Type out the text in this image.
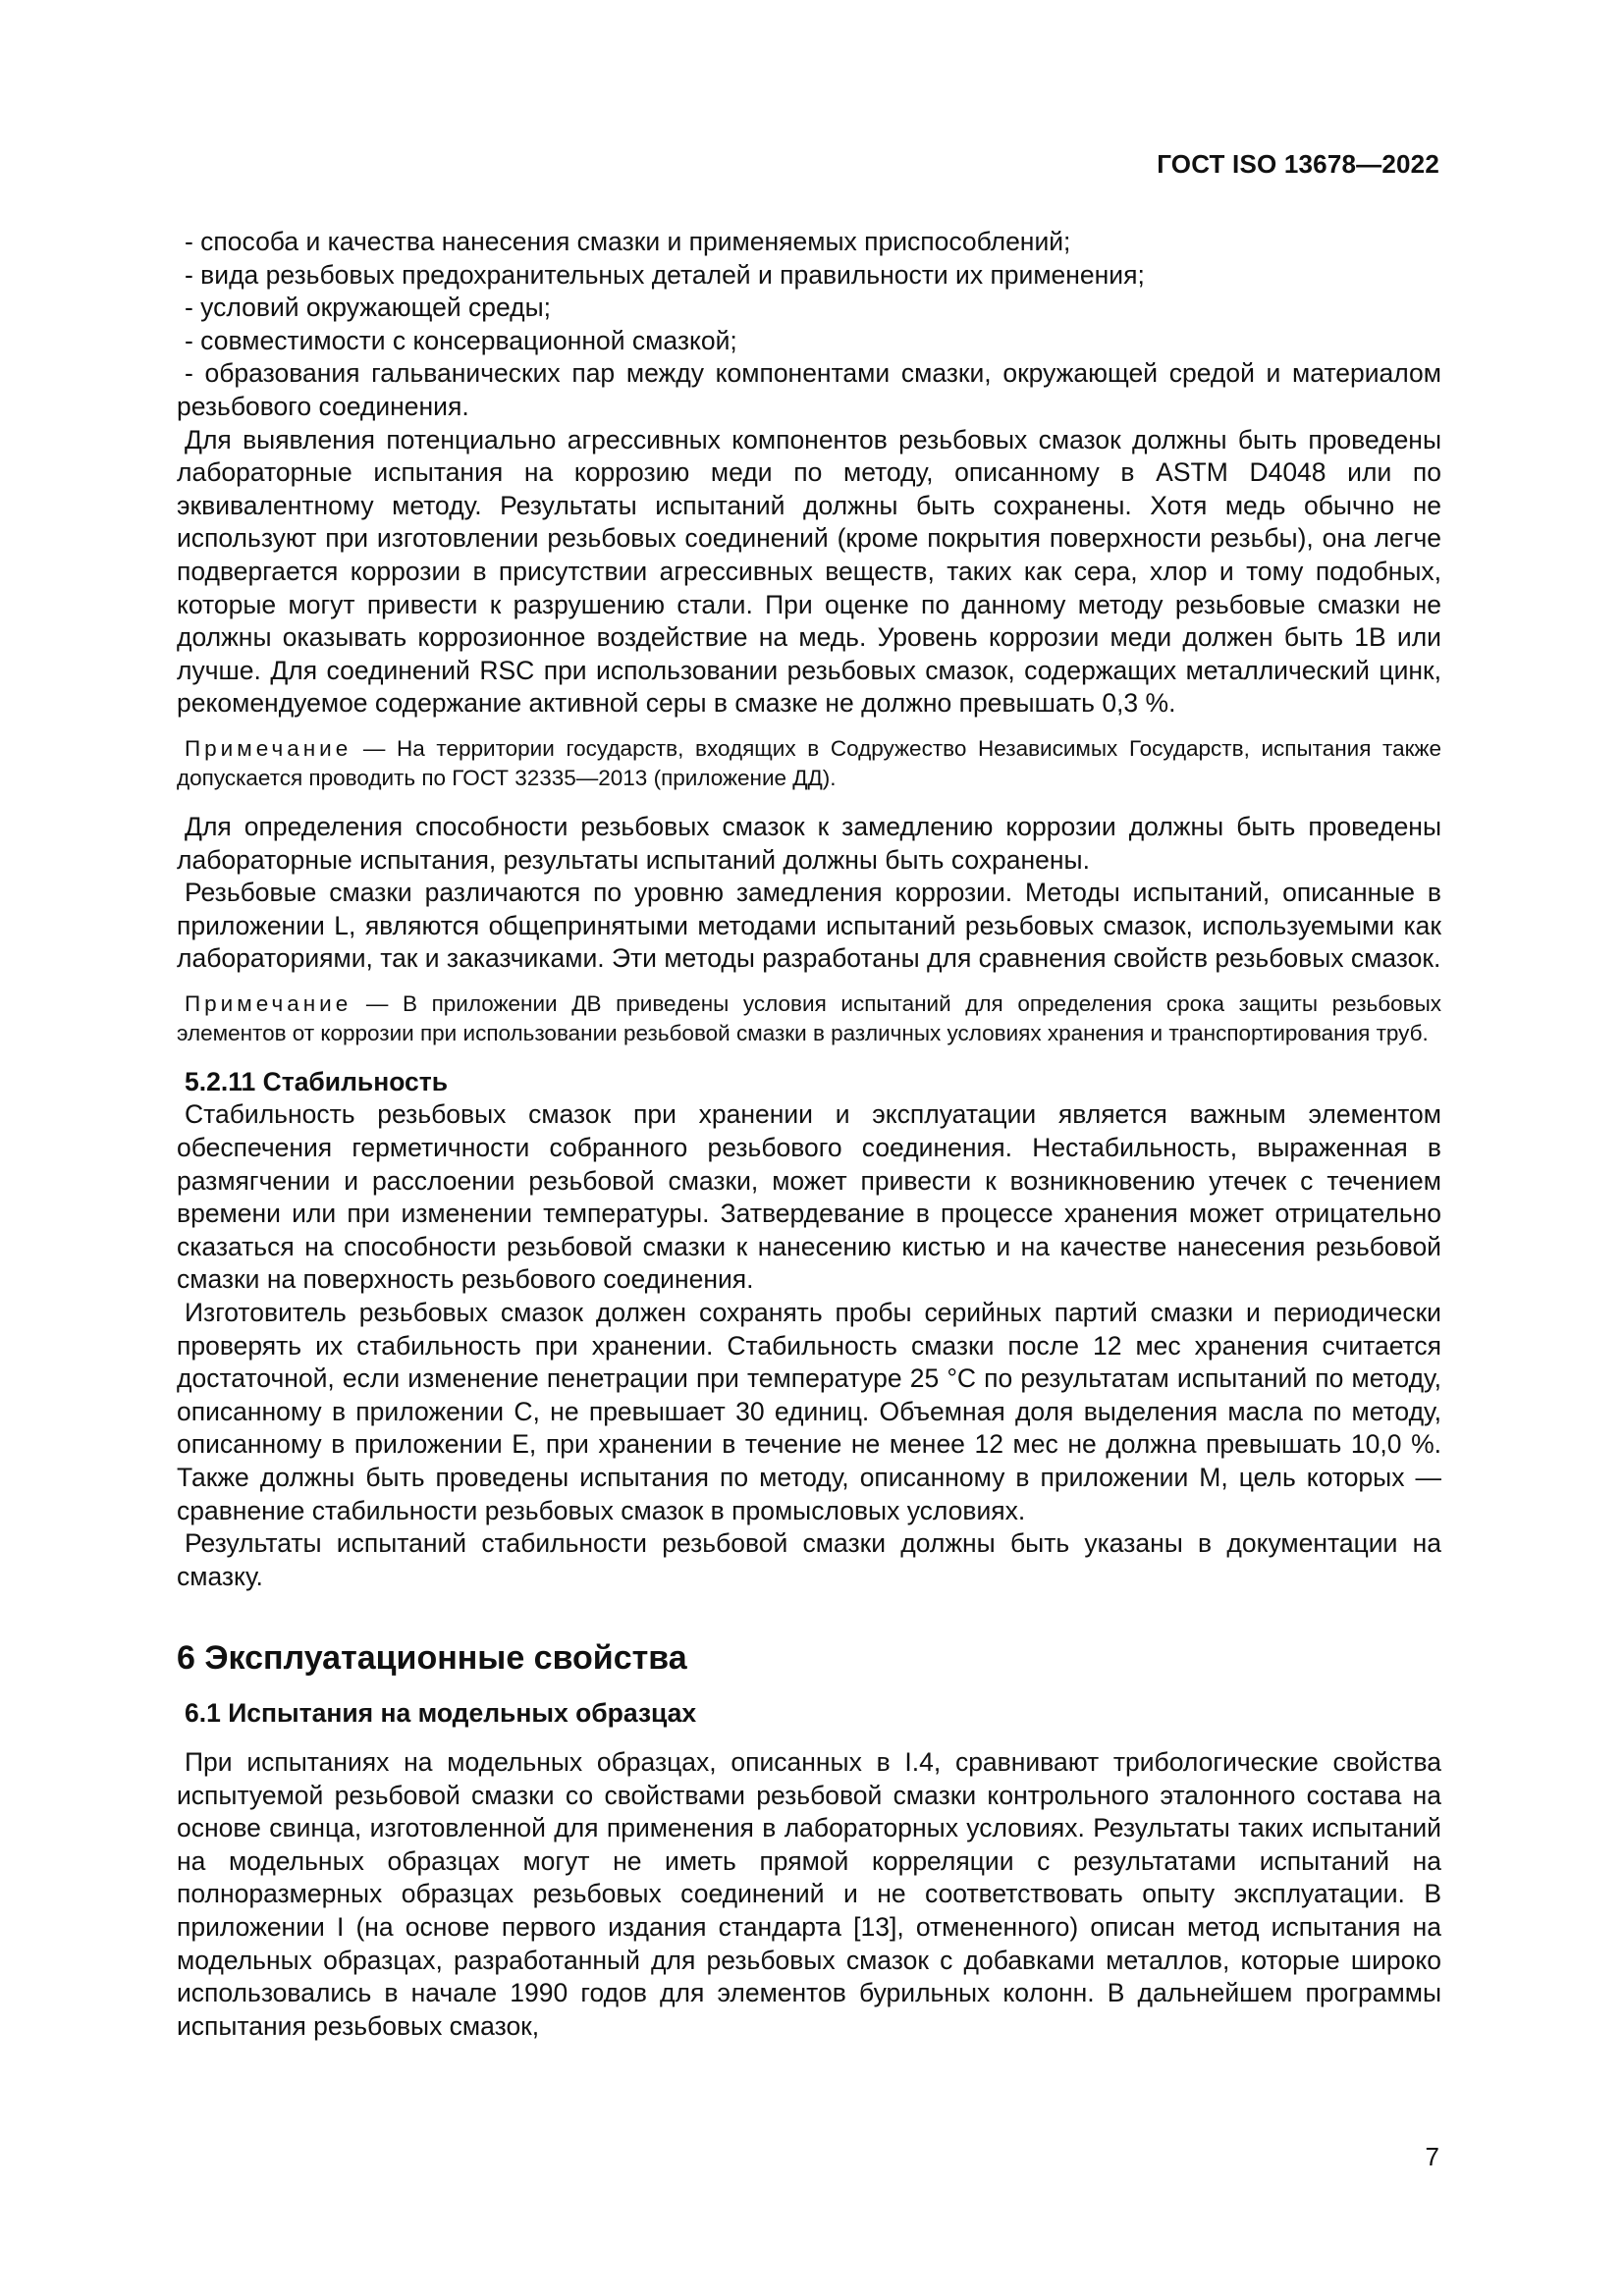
ГОСТ ISO 13678—2022

- способа и качества нанесения смазки и применяемых приспособлений;

- вида резьбовых предохранительных деталей и правильности их применения;

- условий окружающей среды;

- совместимости с консервационной смазкой;

- образования гальванических пар между компонентами смазки, окружающей средой и материалом резьбового соединения.

Для выявления потенциально агрессивных компонентов резьбовых смазок должны быть проведены лабораторные испытания на коррозию меди по методу, описанному в ASTM D4048 или по эквивалентному методу. Результаты испытаний должны быть сохранены. Хотя медь обычно не используют при изготовлении резьбовых соединений (кроме покрытия поверхности резьбы), она легче подвергается коррозии в присутствии агрессивных веществ, таких как сера, хлор и тому подобных, которые могут привести к разрушению стали. При оценке по данному методу резьбовые смазки не должны оказывать коррозионное воздействие на медь. Уровень коррозии меди должен быть 1В или лучше. Для соединений RSC при использовании резьбовых смазок, содержащих металлический цинк, рекомендуемое содержание активной серы в смазке не должно превышать 0,3 %.

Примечание — На территории государств, входящих в Содружество Независимых Государств, испытания также допускается проводить по ГОСТ 32335—2013 (приложение ДД).

Для определения способности резьбовых смазок к замедлению коррозии должны быть проведены лабораторные испытания, результаты испытаний должны быть сохранены.

Резьбовые смазки различаются по уровню замедления коррозии. Методы испытаний, описанные в приложении L, являются общепринятыми методами испытаний резьбовых смазок, используемыми как лабораториями, так и заказчиками. Эти методы разработаны для сравнения свойств резьбовых смазок.

Примечание — В приложении ДВ приведены условия испытаний для определения срока защиты резьбовых элементов от коррозии при использовании резьбовой смазки в различных условиях хранения и транспортирования труб.

5.2.11 Стабильность

Стабильность резьбовых смазок при хранении и эксплуатации является важным элементом обеспечения герметичности собранного резьбового соединения. Нестабильность, выраженная в размягчении и расслоении резьбовой смазки, может привести к возникновению утечек с течением времени или при изменении температуры. Затвердевание в процессе хранения может отрицательно сказаться на способности резьбовой смазки к нанесению кистью и на качестве нанесения резьбовой смазки на поверхность резьбового соединения.

Изготовитель резьбовых смазок должен сохранять пробы серийных партий смазки и периодически проверять их стабильность при хранении. Стабильность смазки после 12 мес хранения считается достаточной, если изменение пенетрации при температуре 25 °С по результатам испытаний по методу, описанному в приложении С, не превышает 30 единиц. Объемная доля выделения масла по методу, описанному в приложении Е, при хранении в течение не менее 12 мес не должна превышать 10,0 %. Также должны быть проведены испытания по методу, описанному в приложении М, цель которых — сравнение стабильности резьбовых смазок в промысловых условиях.

Результаты испытаний стабильности резьбовой смазки должны быть указаны в документации на смазку.

6 Эксплуатационные свойства

6.1 Испытания на модельных образцах

При испытаниях на модельных образцах, описанных в I.4, сравнивают трибологические свойства испытуемой резьбовой смазки со свойствами резьбовой смазки контрольного эталонного состава на основе свинца, изготовленной для применения в лабораторных условиях. Результаты таких испытаний на модельных образцах могут не иметь прямой корреляции с результатами испытаний на полноразмерных образцах резьбовых соединений и не соответствовать опыту эксплуатации. В приложении I (на основе первого издания стандарта [13], отмененного) описан метод испытания на модельных образцах, разработанный для резьбовых смазок с добавками металлов, которые широко использовались в начале 1990 годов для элементов бурильных колонн. В дальнейшем программы испытания резьбовых смазок,

7
